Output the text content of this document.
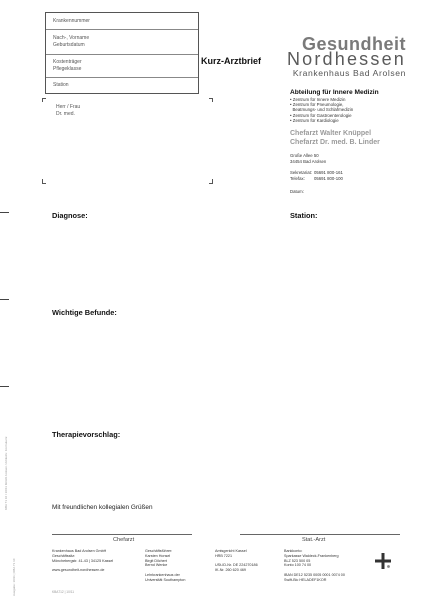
Krankennummer
Nach-, Vorname
Geburtsdatum
Kostenträger
Pflegeklasse
Station
Herr / Frau
Dr. med.
Kurz-Arztbrief
Gesundheit
Nordhessen
Krankenhaus Bad Arolsen
Abteilung für Innere Medizin
• Zentrum für Innere Medizin
• Zentrum für Pneumologie,
Beatmungs- und Schlafmedizin
• Zentrum für Gastroenterologie
• Zentrum für Kardiologie
Chefarzt Walter Knüppel
Chefarzt Dr. med. B. Linder
Große Allee 50
34454 Bad Arolsen
Sekretariat: 05691 800-161
Telefax: 05691 800-100
Datum:
Diagnose:	Station:
Wichtige Befunde:
Therapievorschlag:
Mit freundlichen kollegialen Grüßen
Chefarzt	Stat.-Arzt
Krankenhaus Bad Arolsen GmbH
Geschäftssitz:
Mönchebergstr. 41-43 | 34125 Kassel

www.gesundheit-nordhessen.de
Geschäftsführer:
Karsten Honsel
Birgit Dilchert
Bernd Wenke

Lehrkrankenhaus der
Universität Southampton
Amtsgericht Kassel
HRB 7221

USt-ID-Nr. DE 224270186
IK-Nr. 260 620 469
Bankkonto:
Sparkasse Waldeck-Frankenberg
BLZ 523 500 05
Konto 100 74 00

IBAN DE12 5235 0005 0001 0074 00
Swift-Bic HELADEF1KOR
KBA 71 10 / 10/11 bb/HK Arolsen / Artikelnr. Formularnr.
Ausgabe: 10/11 | KBA 71 10	KBA712 | 10/11
